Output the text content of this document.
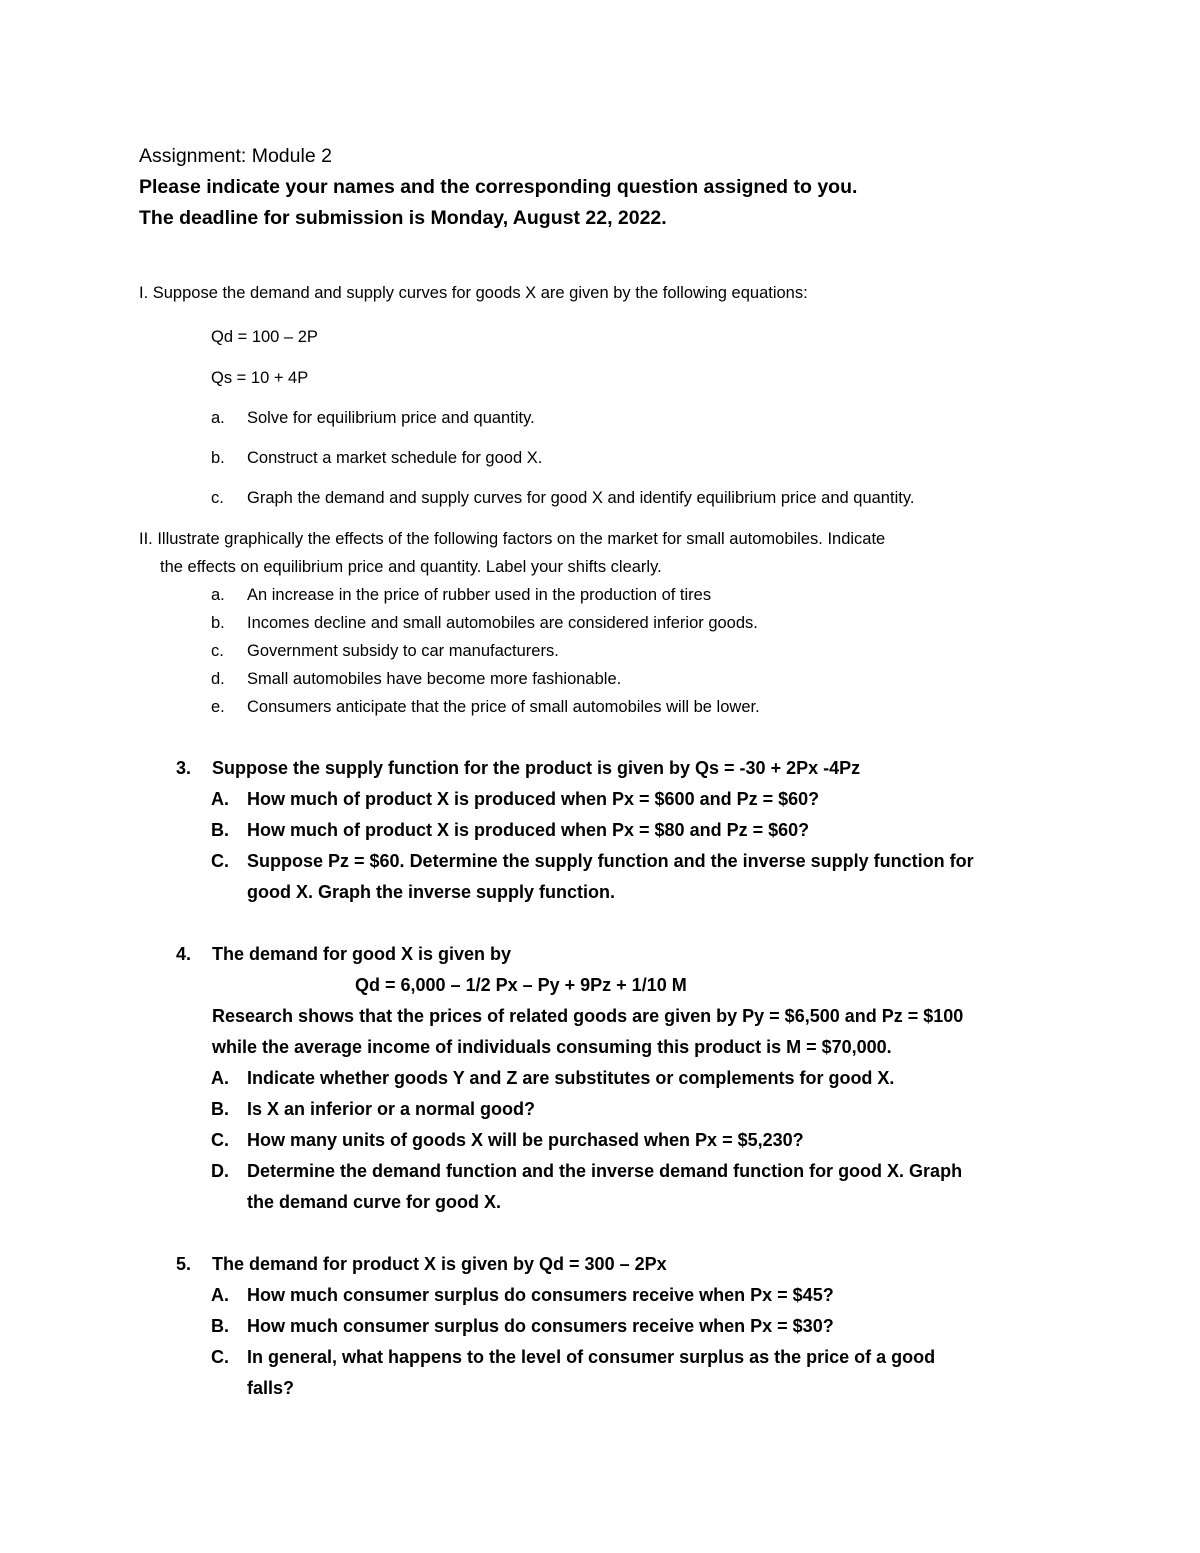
Assignment: Module 2
Please indicate your names and the corresponding question assigned to you.
The deadline for submission is Monday, August 22, 2022.
I. Suppose the demand and supply curves for goods X are given by the following equations:
Qd = 100 – 2P
Qs = 10 + 4P
a. Solve for equilibrium price and quantity.
b. Construct a market schedule for good X.
c. Graph the demand and supply curves for good X and identify equilibrium price and quantity.
II. Illustrate graphically the effects of the following factors on the market for small automobiles. Indicate
the effects on equilibrium price and quantity. Label your shifts clearly.
a. An increase in the price of rubber used in the production of tires
b. Incomes decline and small automobiles are considered inferior goods.
c. Government subsidy to car manufacturers.
d. Small automobiles have become more fashionable.
e. Consumers anticipate that the price of small automobiles will be lower.
3. Suppose the supply function for the product is given by Qs = -30 + 2Px -4Pz
A. How much of product X is produced when Px = $600 and Pz = $60?
B. How much of product X is produced when Px = $80 and Pz = $60?
C. Suppose Pz = $60. Determine the supply function and the inverse supply function for
good X. Graph the inverse supply function.
4. The demand for good X is given by
Qd = 6,000 – 1/2 Px – Py + 9Pz + 1/10 M
Research shows that the prices of related goods are given by Py = $6,500 and Pz = $100
while the average income of individuals consuming this product is M = $70,000.
A. Indicate whether goods Y and Z are substitutes or complements for good X.
B. Is X an inferior or a normal good?
C. How many units of goods X will be purchased when Px = $5,230?
D. Determine the demand function and the inverse demand function for good X. Graph
the demand curve for good X.
5. The demand for product X is given by Qd = 300 – 2Px
A. How much consumer surplus do consumers receive when Px = $45?
B. How much consumer surplus do consumers receive when Px = $30?
C. In general, what happens to the level of consumer surplus as the price of a good
falls?
